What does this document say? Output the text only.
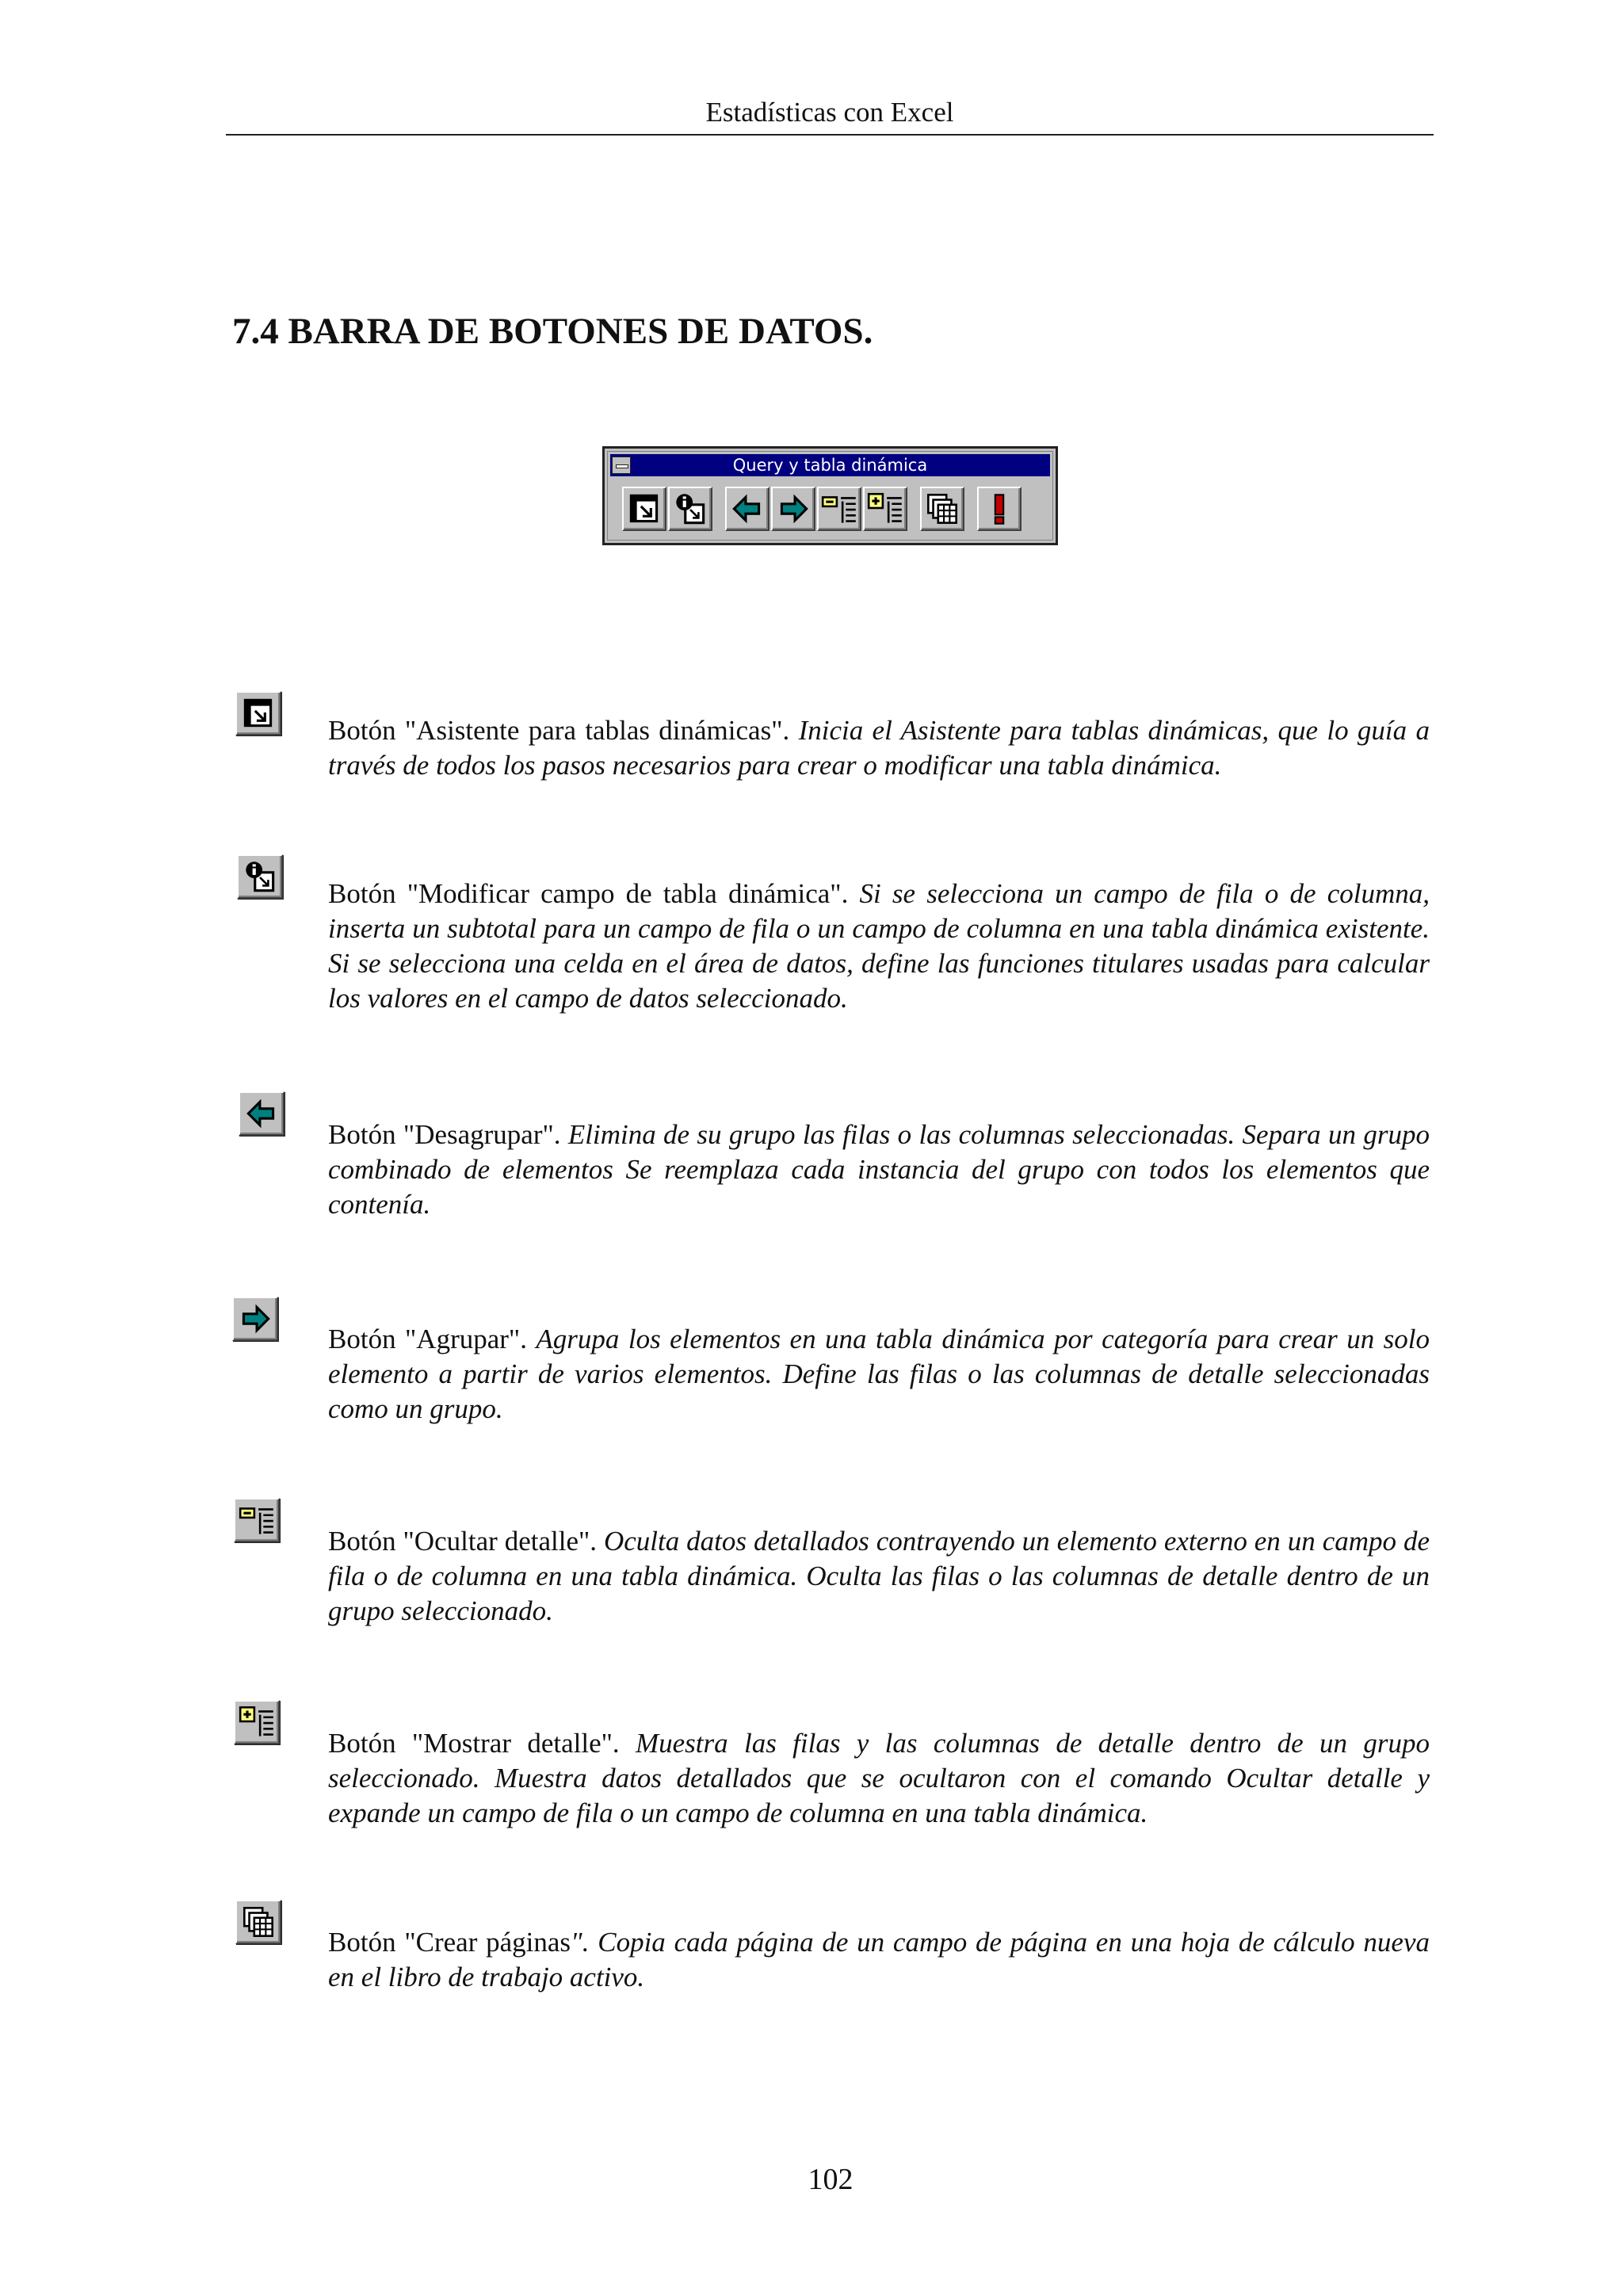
Estadísticas con Excel
7.4 BARRA DE BOTONES DE DATOS.
Query y tabla dinámica

Botón "Asistente para tablas dinámicas". Inicia el Asistente para tablas dinámicas, que lo guía a través de todos los pasos necesarios para crear o modificar una tabla dinámica.

Botón "Modificar campo de tabla dinámica". Si se selecciona un campo de fila o de columna, inserta un subtotal para un campo de fila o un campo de columna en una tabla dinámica existente. Si se selecciona una celda en el área de datos, define las funciones titulares usadas para calcular los valores en el campo de datos seleccionado.

Botón "Desagrupar". Elimina de su grupo las filas o las columnas seleccionadas. Separa un grupo combinado de elementos Se reemplaza cada instancia del grupo con todos los elementos que contenía.

Botón "Agrupar". Agrupa los elementos en una tabla dinámica por categoría para crear un solo elemento a partir de varios elementos. Define las filas o las columnas de detalle seleccionadas como un grupo.

Botón "Ocultar detalle". Oculta datos detallados contrayendo un elemento externo en un campo de fila o de columna en una tabla dinámica. Oculta las filas o las columnas de detalle dentro de un grupo seleccionado.

Botón "Mostrar detalle". Muestra las filas y las columnas de detalle dentro de un grupo seleccionado. Muestra datos detallados que se ocultaron con el comando Ocultar detalle y expande un campo de fila o un campo de columna en una tabla dinámica.

Botón "Crear páginas". Copia cada página de un campo de página en una hoja de cálculo nueva en el libro de trabajo activo.

102
